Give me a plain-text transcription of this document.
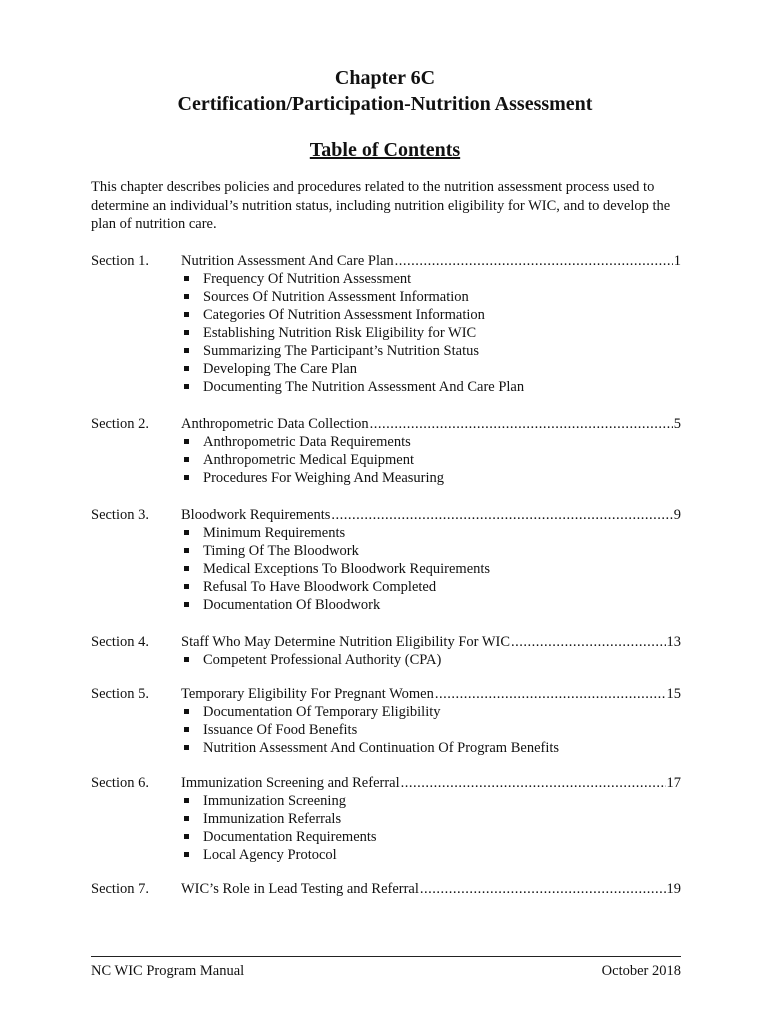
Chapter 6C
Certification/Participation-Nutrition Assessment
Table of Contents
This chapter describes policies and procedures related to the nutrition assessment process used to determine an individual’s nutrition status, including nutrition eligibility for WIC, and to develop the plan of nutrition care.
Section 1.	Nutrition Assessment And Care Plan .....	1
Frequency Of Nutrition Assessment
Sources Of Nutrition Assessment Information
Categories Of Nutrition Assessment Information
Establishing Nutrition Risk Eligibility for WIC
Summarizing The Participant’s Nutrition Status
Developing The Care Plan
Documenting The Nutrition Assessment And Care Plan
Section 2.	Anthropometric Data Collection .....	5
Anthropometric Data Requirements
Anthropometric Medical Equipment
Procedures For Weighing And Measuring
Section 3.	Bloodwork Requirements .....	9
Minimum Requirements
Timing Of The Bloodwork
Medical Exceptions To Bloodwork Requirements
Refusal To Have Bloodwork Completed
Documentation Of Bloodwork
Section 4.	Staff Who May Determine Nutrition Eligibility For WIC .....	13
Competent Professional Authority (CPA)
Section 5.	Temporary Eligibility For Pregnant Women .....	15
Documentation Of Temporary Eligibility
Issuance Of Food Benefits
Nutrition Assessment And Continuation Of Program Benefits
Section 6.	Immunization Screening and Referral .....	17
Immunization Screening
Immunization Referrals
Documentation Requirements
Local Agency Protocol
Section 7.	WIC’s Role in Lead Testing and Referral .....	19
NC WIC Program Manual	October 2018
